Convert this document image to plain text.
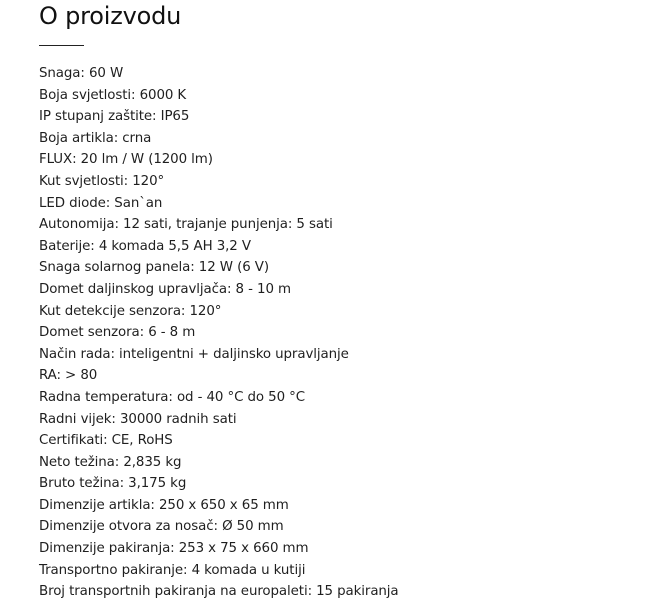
O proizvodu
Snaga: 60 W
Boja svjetlosti: 6000 K
IP stupanj zaštite: IP65
Boja artikla: crna
FLUX: 20 lm / W (1200 lm)
Kut svjetlosti: 120°
LED diode: San`an
Autonomija: 12 sati, trajanje punjenja: 5 sati
Baterije: 4 komada 5,5 AH 3,2 V
Snaga solarnog panela: 12 W (6 V)
Domet daljinskog upravljača: 8 - 10 m
Kut detekcije senzora: 120°
Domet senzora: 6 - 8 m
Način rada: inteligentni + daljinsko upravljanje
RA: > 80
Radna temperatura: od - 40 °C do 50 °C
Radni vijek: 30000 radnih sati
Certifikati: CE, RoHS
Neto težina: 2,835 kg
Bruto težina: 3,175 kg
Dimenzije artikla: 250 x 650 x 65 mm
Dimenzije otvora za nosač: Ø 50 mm
Dimenzije pakiranja: 253 x 75 x 660 mm
Transportno pakiranje: 4 komada u kutiji
Broj transportnih pakiranja na europaleti: 15 pakiranja
